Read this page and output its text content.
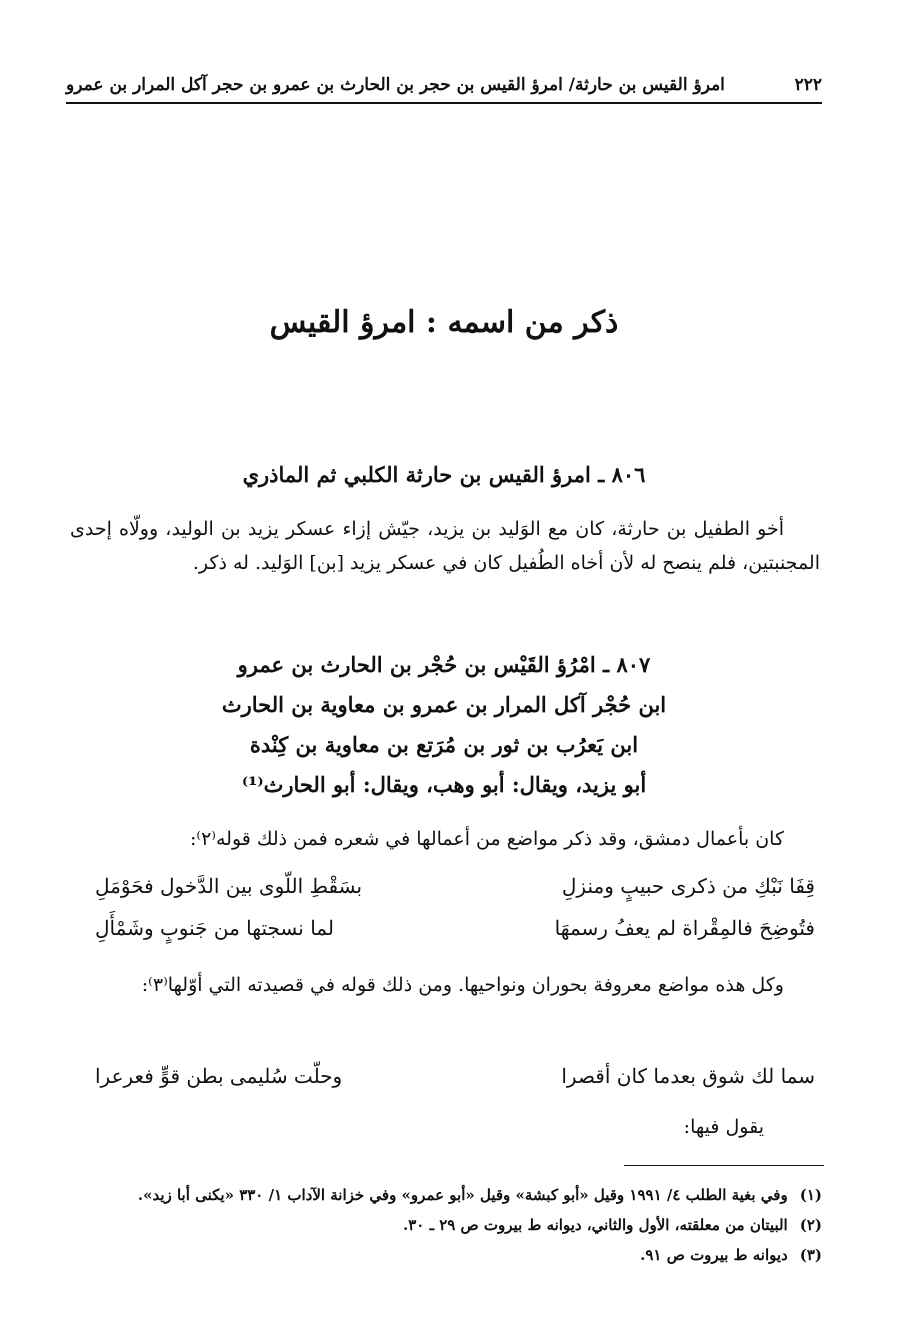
٢٢٢
امرؤ القيس بن حارثة/ امرؤ القيس بن حجر بن الحارث بن عمرو بن حجر آكل المرار بن عمرو
ذكر من اسمه : امرؤ القيس
٨٠٦ ـ امرؤ القيس بن حارثة الكلبي ثم الماذري
أخو الطفيل بن حارثة، كان مع الوَليد بن يزيد، جيّش إزاء عسكر يزيد بن الوليد، وولّاه إحدى المجنبتين، فلم ينصح له لأن أخاه الطُفيل كان في عسكر يزيد [بن] الوَليد. له ذكر.
٨٠٧ ـ امْرُؤ القَيْس بن حُجْر بن الحارث بن عمرو
ابن حُجْر آكل المرار بن عمرو بن معاوية بن الحارث
ابن يَعرُب بن ثور بن مُرَتع بن معاوية بن كِنْدة
أبو يزيد، ويقال: أبو وهب، ويقال: أبو الحارث⁽¹⁾
كان بأعمال دمشق، وقد ذكر مواضع من أعمالها في شعره فمن ذلك قوله⁽٢⁾:
قِفَا نَبْكِ من ذكرى حبيبٍ ومنزلِ
بسَقْطِ اللّوى بين الدَّخول فحَوْمَلِ
فتُوضِحَ فالمِقْراة لم يعفُ رسمهَا
لما نسجتها من جَنوبٍ وشَمْأَلِ
وكل هذه مواضع معروفة بحوران ونواحيها. ومن ذلك قوله في قصيدته التي أوّلها⁽٣⁾:
سما لك شوق بعدما كان أقصرا
وحلّت سُليمى بطن قوٍّ فعرعرا
يقول فيها:
(١)
وفي بغية الطلب ٤/ ١٩٩١ وقيل «أبو كبشة» وقيل «أبو عمرو» وفي خزانة الآداب ١/ ٣٣٠ «يكنى أبا زيد».
(٢)
البيتان من معلقته، الأول والثاني، ديوانه ط بيروت ص ٢٩ ـ ٣٠.
(٣)
ديوانه ط بيروت ص ٩١.
